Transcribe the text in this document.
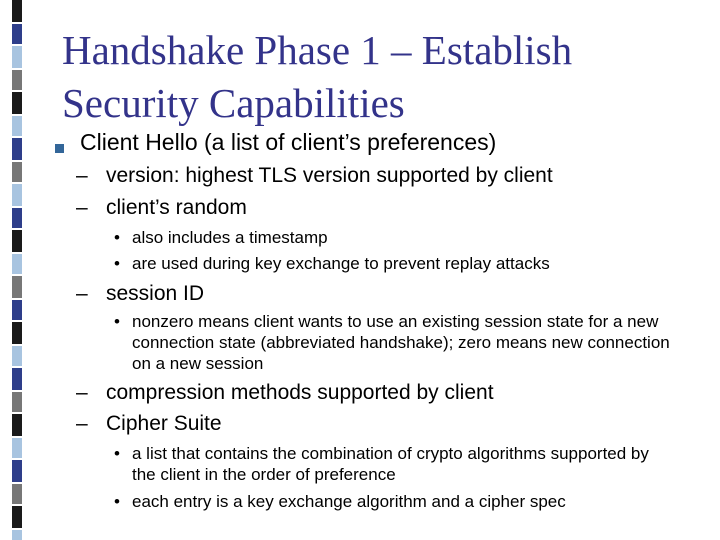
Handshake Phase 1 – Establish
Security Capabilities
Client Hello (a list of client’s preferences)
– version: highest TLS version supported by client
– client’s random
• also includes a timestamp
• are used during key exchange to prevent replay attacks
– session ID
• nonzero means client wants to use an existing session state for a new connection state (abbreviated handshake); zero means new connection on a new session
– compression methods supported by client
– Cipher Suite
• a list that contains the combination of crypto algorithms supported by the client in the order of preference
• each entry is a key exchange algorithm and a cipher spec
